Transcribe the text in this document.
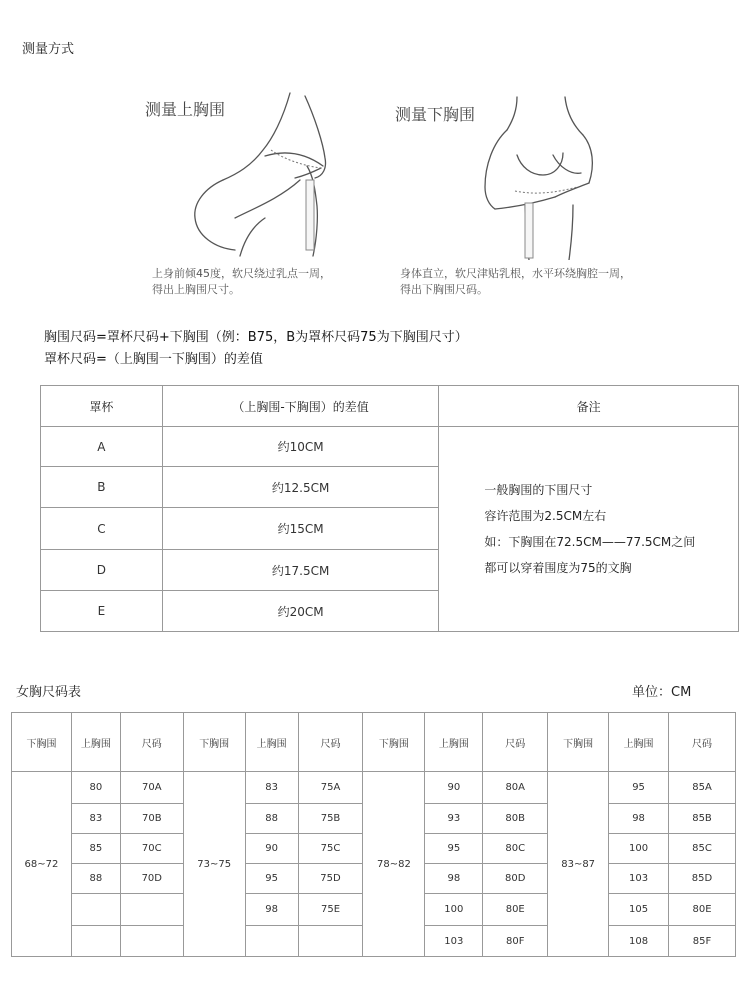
测量方式
测量上胸围
上身前倾45度，软尺绕过乳点一周，
得出上胸围尺寸。
测量下胸围
身体直立，软尺津贴乳根，水平环绕胸腔一周，
得出下胸围尺码。
胸围尺码=罩杯尺码+下胸围（例：B75，B为罩杯尺码75为下胸围尺寸）
罩杯尺码=（上胸围一下胸围）的差值
罩杯	（上胸围-下胸围）的差值	备注
A	约10CM	一般胸围的下围尺寸
容许范围为2.5CM左右
如：下胸围在72.5CM——77.5CM之间
都可以穿着围度为75的文胸

B	约12.5CM	
C	约15CM	
D	约17.5CM	
E	约20CM	
女胸尺码表	单位：CM
下胸围	上胸围	尺码	下胸围	上胸围	尺码	下胸围	上胸围	尺码	下胸围	上胸围	尺码
68~72	80	70A	73~75	83	75A	78~82	90	80A	83~87	95	85A
	83	70B		88	75B		93	80B		98	85B
	85	70C		90	75C		95	80C		100	85C
	88	70D		95	75D		98	80D		103	85D
				98	75E		100	80E		105	80E
							103	80F		108	85F
